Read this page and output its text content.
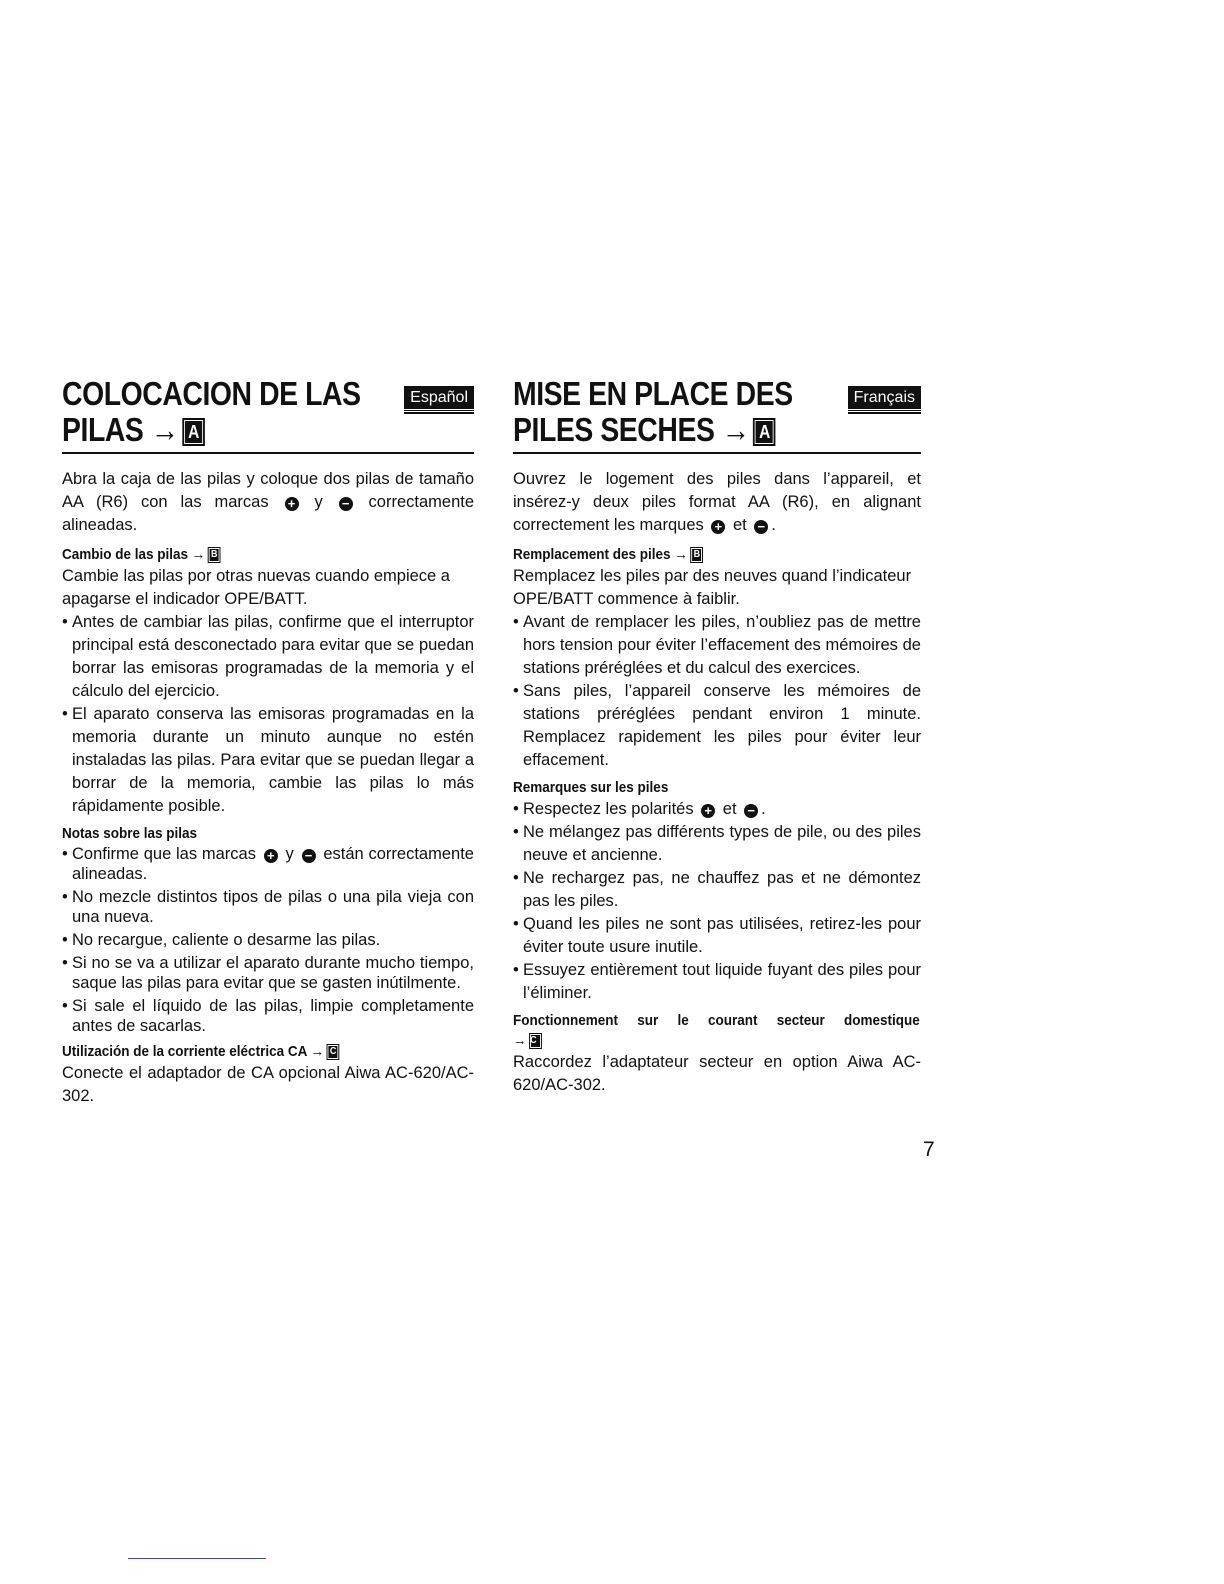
COLOCACION DE LAS
PILAS → A
Español

Abra la caja de las pilas y coloque dos pilas de tamaño AA (R6) con las marcas + y − correctamente alineadas.

Cambio de las pilas → B

Cambie las pilas por otras nuevas cuando empiece a apagarse el indicador OPE/BATT.

• Antes de cambiar las pilas, confirme que el interruptor principal está desconectado para evitar que se puedan borrar las emisoras programadas de la memoria y el cálculo del ejercicio.
• El aparato conserva las emisoras programadas en la memoria durante un minuto aunque no estén instaladas las pilas. Para evitar que se puedan llegar a borrar de la memoria, cambie las pilas lo más rápidamente posible.
Notas sobre las pilas
• Confirme que las marcas + y − están correctamente alineadas.
• No mezcle distintos tipos de pilas o una pila vieja con una nueva.
• No recargue, caliente o desarme las pilas.
• Si no se va a utilizar el aparato durante mucho tiempo, saque las pilas para evitar que se gasten inútilmente.
• Si sale el líquido de las pilas, limpie completamente antes de sacarlas.
Utilización de la corriente eléctrica CA → C

Conecte el adaptador de CA opcional Aiwa AC-620/AC-302.

MISE EN PLACE DES
PILES SECHES → A
Français

Ouvrez le logement des piles dans l’appareil, et insérez-y deux piles format AA (R6), en alignant correctement les marques + et − .

Remplacement des piles → B

Remplacez les piles par des neuves quand l’indicateur OPE/BATT commence à faiblir.

• Avant de remplacer les piles, n’oubliez pas de mettre hors tension pour éviter l’effacement des mémoires de stations préréglées et du calcul des exercices.
• Sans piles, l’appareil conserve les mémoires de stations préréglées pendant environ 1 minute. Remplacez rapidement les piles pour éviter leur effacement.
Remarques sur les piles
• Respectez les polarités + et − .
• Ne mélangez pas différents types de pile, ou des piles neuve et ancienne.
• Ne rechargez pas, ne chauffez pas et ne démontez pas les piles.
• Quand les piles ne sont pas utilisées, retirez-les pour éviter toute usure inutile.
• Essuyez entièrement tout liquide fuyant des piles pour l’éliminer.
Fonctionnement sur le courant secteur domestique
→ C

Raccordez l’adaptateur secteur en option Aiwa AC-620/AC-302.

7
